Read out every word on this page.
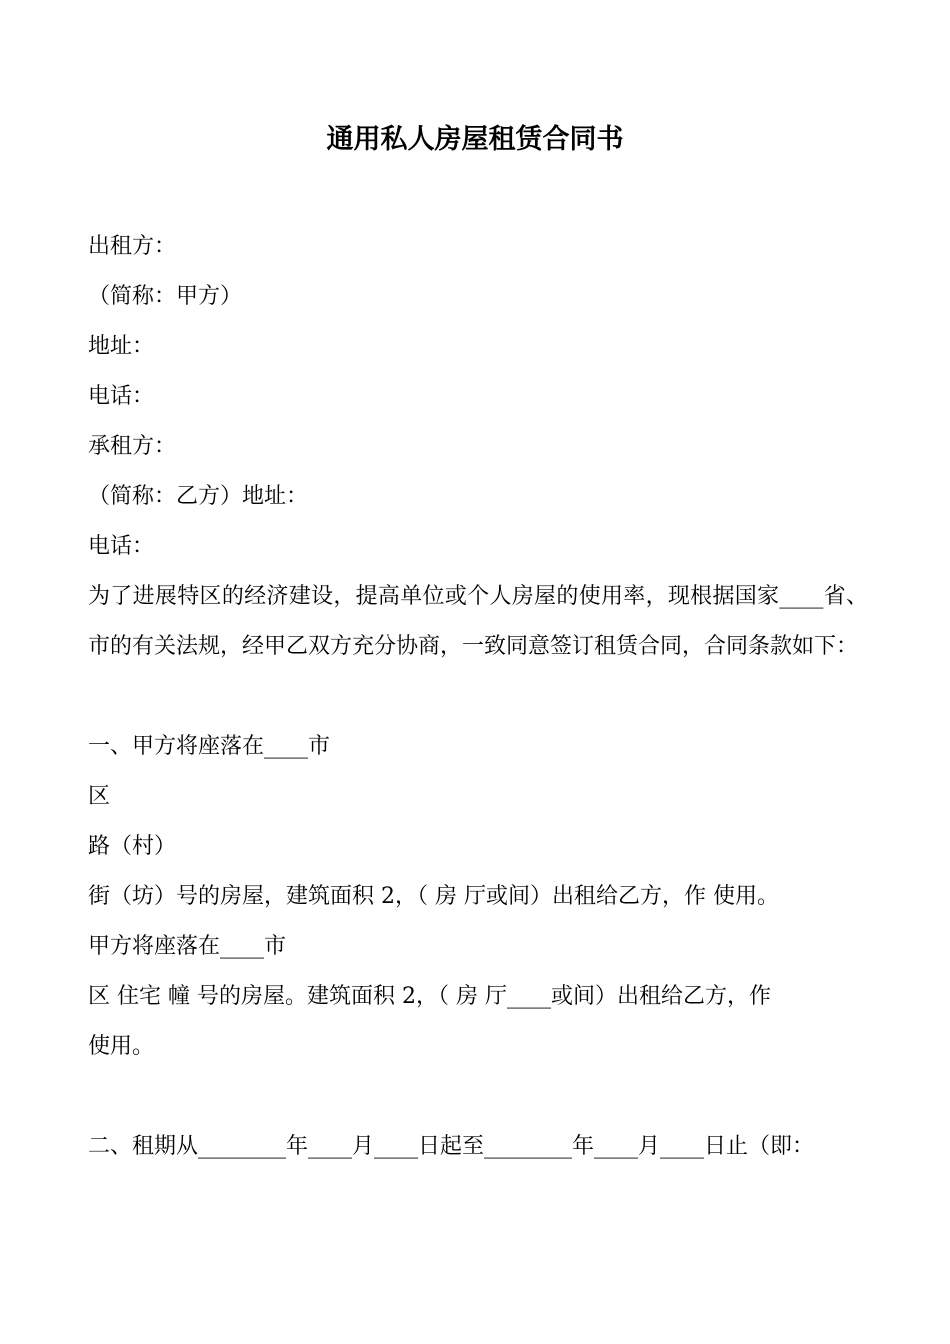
通用私人房屋租赁合同书
出租方：
（简称：甲方）
地址：
电话：
承租方：
（简称：乙方）地址：
电话：
为了进展特区的经济建设，提高单位或个人房屋的使用率，现根据国家____省、市的有关法规，经甲乙双方充分协商，一致同意签订租赁合同，合同条款如下：
一、甲方将座落在____市
区
路（村）
街（坊）号的房屋，建筑面积 2，（ 房 厅或间）出租给乙方，作 使用。
甲方将座落在____市
区 住宅 幢 号的房屋。建筑面积 2，（ 房 厅____或间）出租给乙方，作
使用。
二、租期从________年____月____日起至________年____月____日止（即：
